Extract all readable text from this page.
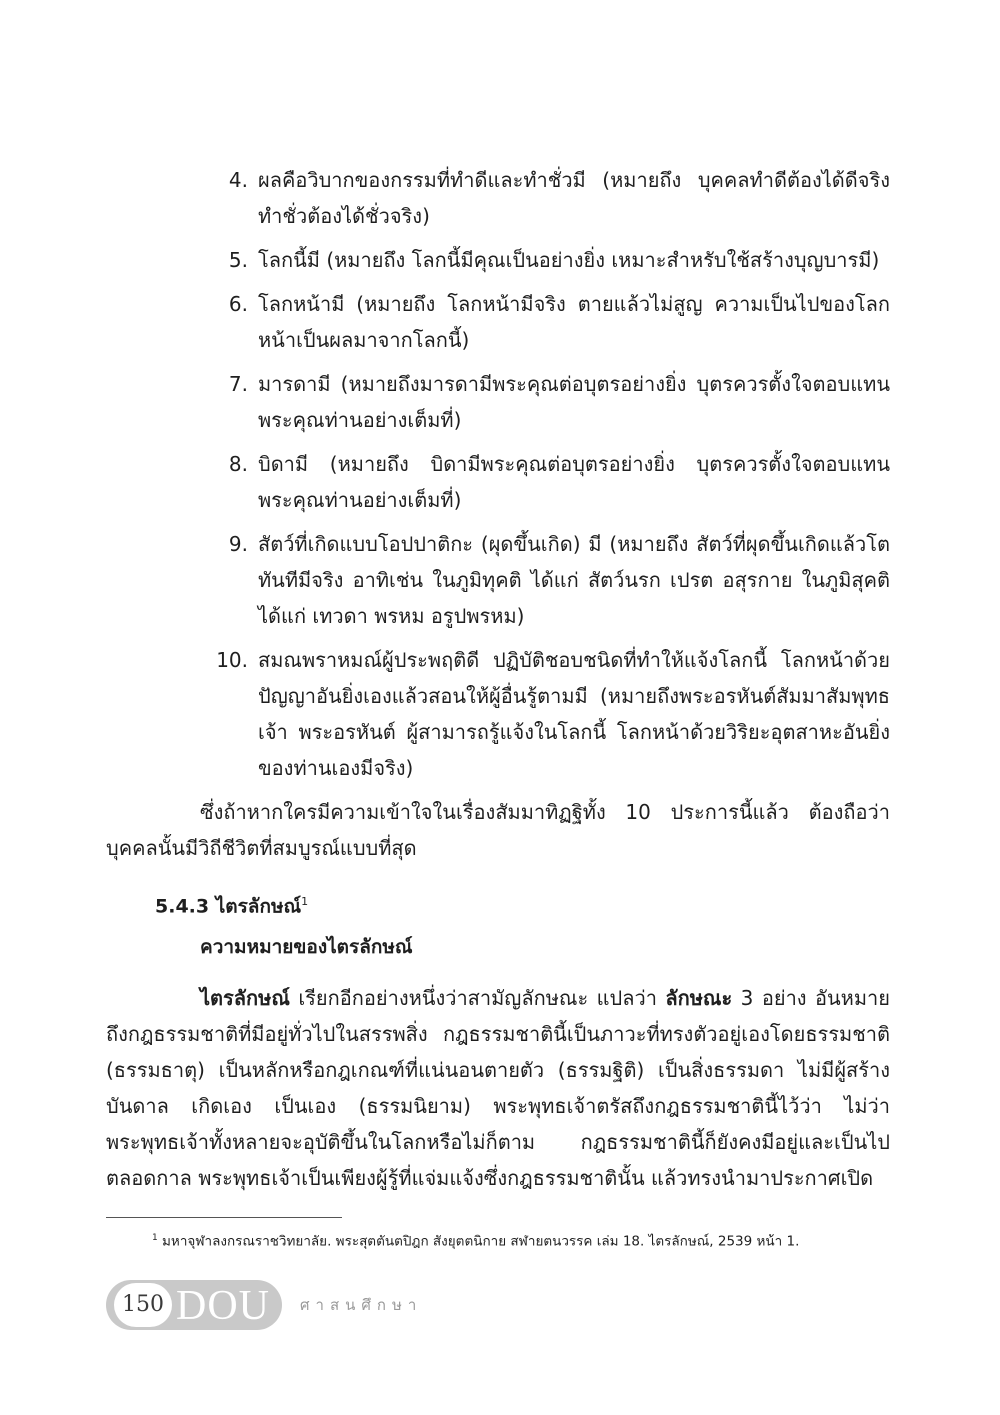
4. ผลคือวิบากของกรรมที่ทำดีและทำชั่วมี (หมายถึง บุคคลทำดีต้องได้ดีจริง ทำชั่วต้องได้ชั่วจริง)
5. โลกนี้มี (หมายถึง โลกนี้มีคุณเป็นอย่างยิ่ง เหมาะสำหรับใช้สร้างบุญบารมี)
6. โลกหน้ามี (หมายถึง โลกหน้ามีจริง ตายแล้วไม่สูญ ความเป็นไปของโลกหน้าเป็นผลมาจากโลกนี้)
7. มารดามี (หมายถึงมารดามีพระคุณต่อบุตรอย่างยิ่ง บุตรควรตั้งใจตอบแทนพระคุณท่านอย่างเต็มที่)
8. บิดามี (หมายถึง บิดามีพระคุณต่อบุตรอย่างยิ่ง บุตรควรตั้งใจตอบแทนพระคุณท่านอย่างเต็มที่)
9. สัตว์ที่เกิดแบบโอปปาติกะ (ผุดขึ้นเกิด) มี (หมายถึง สัตว์ที่ผุดขึ้นเกิดแล้วโตทันทีมีจริง อาทิเช่น ในภูมิทุคติ ได้แก่ สัตว์นรก เปรต อสุรกาย ในภูมิสุคติ ได้แก่ เทวดา พรหม อรูปพรหม)
10. สมณพราหมณ์ผู้ประพฤติดี ปฏิบัติชอบชนิดที่ทำให้แจ้งโลกนี้ โลกหน้าด้วยปัญญาอันยิ่งเองแล้วสอนให้ผู้อื่นรู้ตามมี (หมายถึงพระอรหันต์สัมมาสัมพุทธเจ้า พระอรหันต์ ผู้สามารถรู้แจ้งในโลกนี้ โลกหน้าด้วยวิริยะอุตสาหะอันยิ่งของท่านเองมีจริง)

ซึ่งถ้าหากใครมีความเข้าใจในเรื่องสัมมาทิฏฐิทั้ง 10 ประการนี้แล้ว ต้องถือว่าบุคคลนั้นมีวิถีชีวิตที่สมบูรณ์แบบที่สุด

5.4.3 ไตรลักษณ์$^1$
ความหมายของไตรลักษณ์

ไตรลักษณ์ เรียกอีกอย่างหนึ่งว่าสามัญลักษณะ แปลว่า ลักษณะ 3 อย่าง อันหมายถึงกฎธรรมชาติที่มีอยู่ทั่วไปในสรรพสิ่ง กฎธรรมชาตินี้เป็นภาวะที่ทรงตัวอยู่เองโดยธรรมชาติ (ธรรมธาตุ) เป็นหลักหรือกฎเกณฑ์ที่แน่นอนตายตัว (ธรรมฐิติ) เป็นสิ่งธรรมดา ไม่มีผู้สร้างบันดาล เกิดเอง เป็นเอง (ธรรมนิยาม) พระพุทธเจ้าตรัสถึงกฎธรรมชาตินี้ไว้ว่า ไม่ว่าพระพุทธเจ้าทั้งหลายจะอุบัติขึ้นในโลกหรือไม่ก็ตาม กฎธรรมชาตินี้ก็ยังคงมีอยู่และเป็นไปตลอดกาล พระพุทธเจ้าเป็นเพียงผู้รู้ที่แจ่มแจ้งซึ่งกฎธรรมชาตินั้น แล้วทรงนำมาประกาศเปิด

$^1$ มหาจุฬาลงกรณราชวิทยาลัย. พระสุตตันตปิฎก สังยุตตนิกาย สฬายตนวรรค เล่ม 18. ไตรลักษณ์, 2539 หน้า 1.
150 DOU	ศาสนศึกษา
